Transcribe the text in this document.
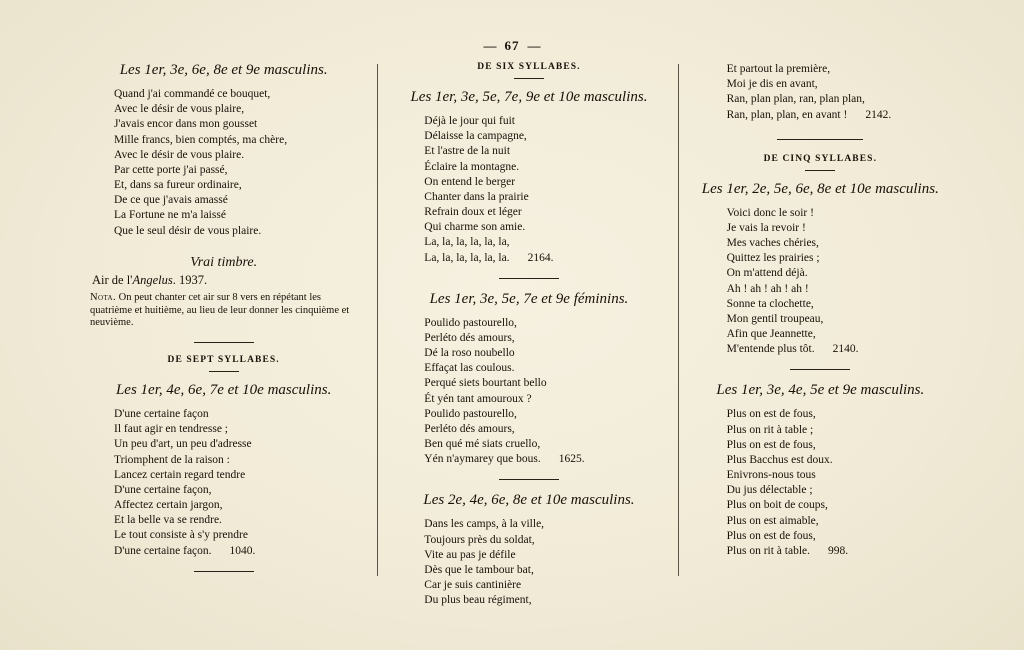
— 67 —
Les 1er, 3e, 6e, 8e et 9e masculins.
Quand j'ai commandé ce bouquet,
Avec le désir de vous plaire,
J'avais encor dans mon gousset
Mille francs, bien comptés, ma chère,
Avec le désir de vous plaire.
Par cette porte j'ai passé,
Et, dans sa fureur ordinaire,
De ce que j'avais amassé
La Fortune ne m'a laissé
Que le seul désir de vous plaire.
Vrai timbre.
Air de l'Angelus. 1937.
Nota. On peut chanter cet air sur 8 vers en répétant les quatrième et huitième, au lieu de leur donner les cinquième et neuvième.
DE SEPT SYLLABES.
Les 1er, 4e, 6e, 7e et 10e masculins.
D'une certaine façon
Il faut agir en tendresse ;
Un peu d'art, un peu d'adresse
Triomphent de la raison :
Lancez certain regard tendre
D'une certaine façon,
Affectez certain jargon,
Et la belle va se rendre.
Le tout consiste à s'y prendre
D'une certaine façon. 1040.
DE SIX SYLLABES.
Les 1er, 3e, 5e, 7e, 9e et 10e masculins.
Déjà le jour qui fuit
Délaisse la campagne,
Et l'astre de la nuit
Éclaire la montagne.
On entend le berger
Chanter dans la prairie
Refrain doux et léger
Qui charme son amie.
La, la, la, la, la, la,
La, la, la, la, la, la. 2164.
Les 1er, 3e, 5e, 7e et 9e féminins.
Poulido pastourello,
Perléto dés amours,
Dé la roso noubello
Effaçat las coulous.
Perqué siets bourtant bello
Ét yén tant amouroux ?
Poulido pastourello,
Perléto dés amours,
Ben qué mé siats cruello,
Yén n'aymarey que bous. 1625.
Les 2e, 4e, 6e, 8e et 10e masculins.
Dans les camps, à la ville,
Toujours près du soldat,
Vite au pas je défile
Dès que le tambour bat,
Car je suis cantinière
Du plus beau régiment,
Et partout la première,
Moi je dis en avant,
Ran, plan plan, ran, plan plan,
Ran, plan, plan, en avant ! 2142.
DE CINQ SYLLABES.
Les 1er, 2e, 5e, 6e, 8e et 10e masculins.
Voici donc le soir !
Je vais la revoir !
Mes vaches chéries,
Quittez les prairies ;
On m'attend déjà.
Ah ! ah ! ah ! ah !
Sonne ta clochette,
Mon gentil troupeau,
Afin que Jeannette,
M'entende plus tôt. 2140.
Les 1er, 3e, 4e, 5e et 9e masculins.
Plus on est de fous,
Plus on rit à table ;
Plus on est de fous,
Plus Bacchus est doux.
Enivrons-nous tous
Du jus délectable ;
Plus on boit de coups,
Plus on est aimable,
Plus on est de fous,
Plus on rit à table. 998.
